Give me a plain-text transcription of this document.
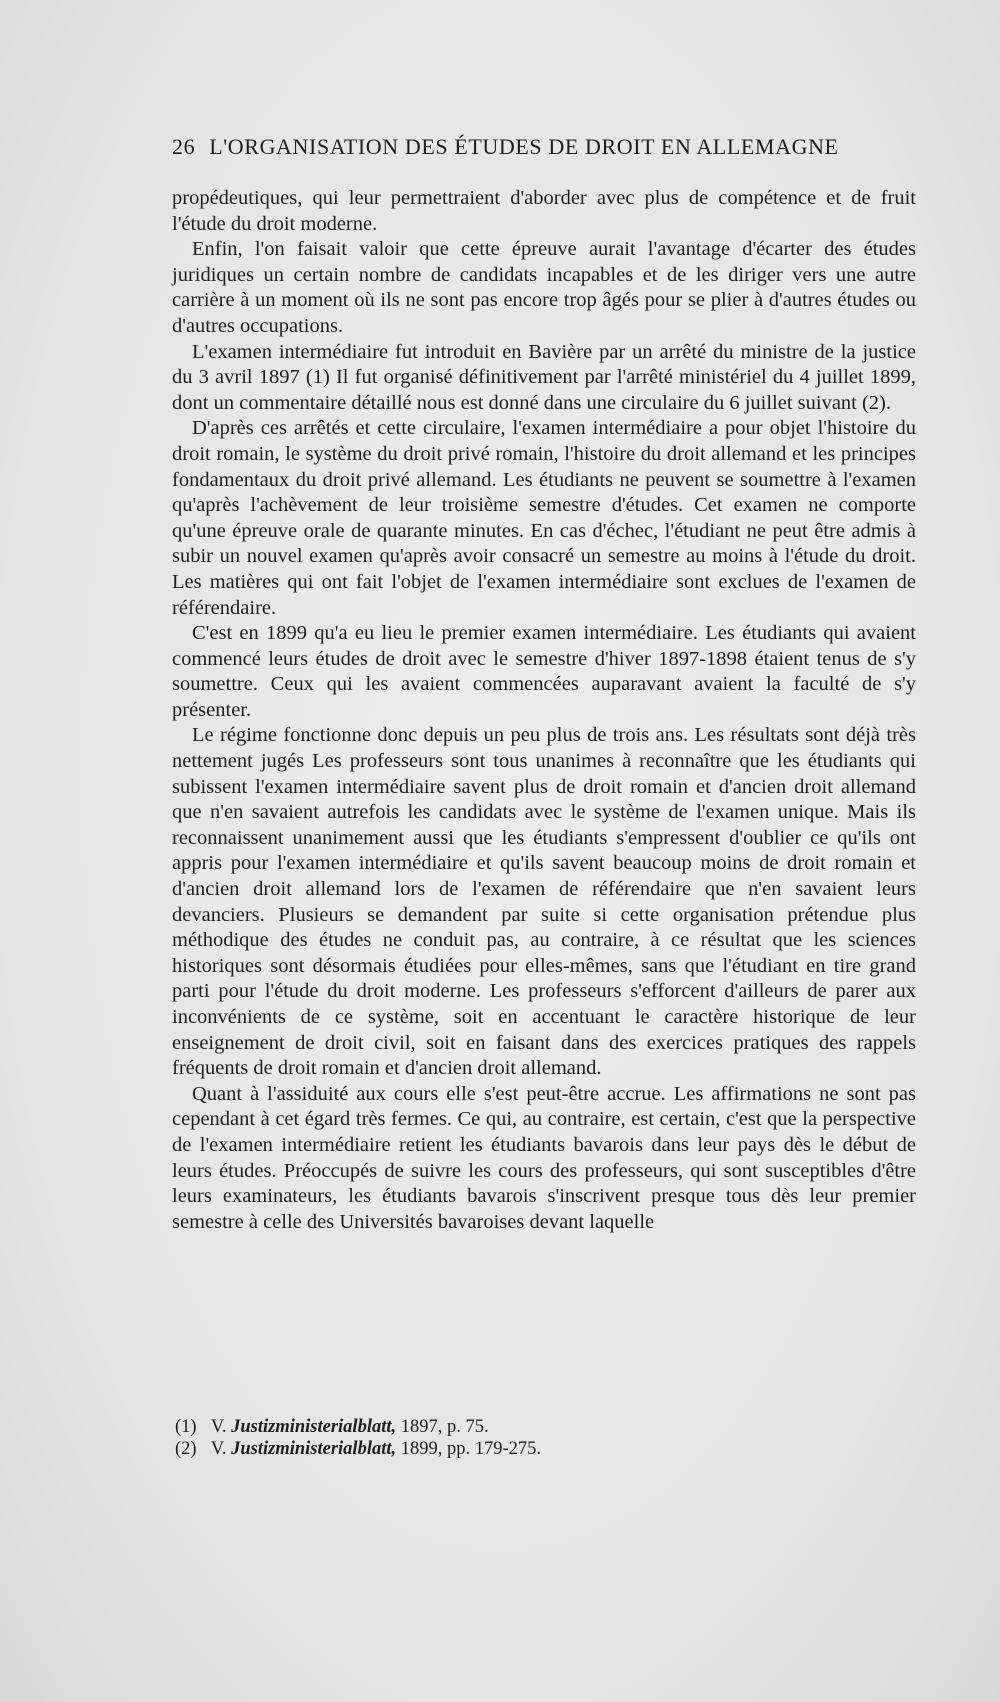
26 L'ORGANISATION DES ÉTUDES DE DROIT EN ALLEMAGNE

propédeutiques, qui leur permettraient d'aborder avec plus de compétence et de fruit l'étude du droit moderne.

Enfin, l'on faisait valoir que cette épreuve aurait l'avantage d'écarter des études juridiques un certain nombre de candidats incapables et de les diriger vers une autre carrière à un moment où ils ne sont pas encore trop âgés pour se plier à d'autres études ou d'autres occupations.

L'examen intermédiaire fut introduit en Bavière par un arrêté du ministre de la justice du 3 avril 1897 (1) Il fut organisé définitivement par l'arrêté ministériel du 4 juillet 1899, dont un commentaire détaillé nous est donné dans une circulaire du 6 juillet suivant (2).

D'après ces arrêtés et cette circulaire, l'examen intermédiaire a pour objet l'histoire du droit romain, le système du droit privé romain, l'histoire du droit allemand et les principes fondamentaux du droit privé allemand. Les étudiants ne peuvent se soumettre à l'examen qu'après l'achèvement de leur troisième semestre d'études. Cet examen ne comporte qu'une épreuve orale de quarante minutes. En cas d'échec, l'étudiant ne peut être admis à subir un nouvel examen qu'après avoir consacré un semestre au moins à l'étude du droit. Les matières qui ont fait l'objet de l'examen intermédiaire sont exclues de l'examen de référendaire.

C'est en 1899 qu'a eu lieu le premier examen intermédiaire. Les étudiants qui avaient commencé leurs études de droit avec le semestre d'hiver 1897-1898 étaient tenus de s'y soumettre. Ceux qui les avaient commencées auparavant avaient la faculté de s'y présenter.

Le régime fonctionne donc depuis un peu plus de trois ans. Les résultats sont déjà très nettement jugés Les professeurs sont tous unanimes à reconnaître que les étudiants qui subissent l'examen intermédiaire savent plus de droit romain et d'ancien droit allemand que n'en savaient autrefois les candidats avec le système de l'examen unique. Mais ils reconnaissent unanimement aussi que les étudiants s'empressent d'oublier ce qu'ils ont appris pour l'examen intermédiaire et qu'ils savent beaucoup moins de droit romain et d'ancien droit allemand lors de l'examen de référendaire que n'en savaient leurs devanciers. Plusieurs se demandent par suite si cette organisation prétendue plus méthodique des études ne conduit pas, au contraire, à ce résultat que les sciences historiques sont désormais étudiées pour elles-mêmes, sans que l'étudiant en tire grand parti pour l'étude du droit moderne. Les professeurs s'efforcent d'ailleurs de parer aux inconvénients de ce système, soit en accentuant le caractère historique de leur enseignement de droit civil, soit en faisant dans des exercices pratiques des rappels fréquents de droit romain et d'ancien droit allemand.

Quant à l'assiduité aux cours elle s'est peut-être accrue. Les affirmations ne sont pas cependant à cet égard très fermes. Ce qui, au contraire, est certain, c'est que la perspective de l'examen intermédiaire retient les étudiants bavarois dans leur pays dès le début de leurs études. Préoccupés de suivre les cours des professeurs, qui sont susceptibles d'être leurs examinateurs, les étudiants bavarois s'inscrivent presque tous dès leur premier semestre à celle des Universités bavaroises devant laquelle

(1) V. Justizministerialblatt, 1897, p. 75.

(2) V. Justizministerialblatt, 1899, pp. 179-275.
